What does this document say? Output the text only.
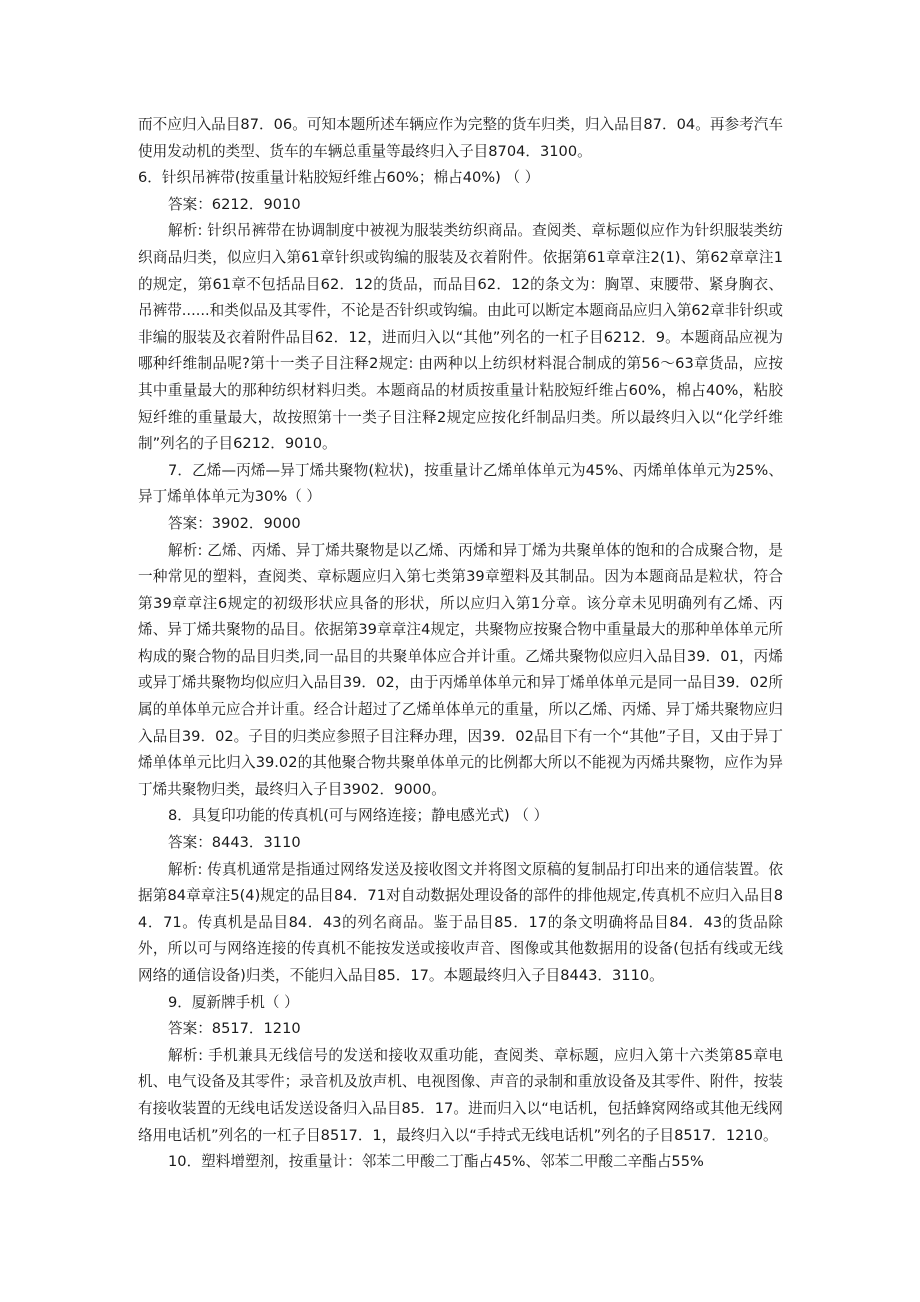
而不应归入品目87．06。可知本题所述车辆应作为完整的货车归类，归入品目87．04。再参考汽车使用发动机的类型、货车的车辆总重量等最终归入子目8704．3100。

6．针织吊裤带(按重量计粘胶短纤维占60%；棉占40%) （ ）

答案：6212．9010

解析: 针织吊裤带在协调制度中被视为服装类纺织商品。查阅类、章标题似应作为针织服装类纺织商品归类，似应归入第61章针织或钩编的服装及衣着附件。依据第61章章注2(1)、第62章章注1的规定，第61章不包括品目62．12的货品，而品目62．12的条文为：胸罩、束腰带、紧身胸衣、吊裤带......和类似品及其零件，不论是否针织或钩编。由此可以断定本题商品应归入第62章非针织或非编的服装及衣着附件品目62．12，进而归入以“其他”列名的一杠子目6212．9。本题商品应视为哪种纤维制品呢?第十一类子目注释2规定: 由两种以上纺织材料混合制成的第56～63章货品，应按其中重量最大的那种纺织材料归类。本题商品的材质按重量计粘胶短纤维占60%，棉占40%，粘胶短纤维的重量最大，故按照第十一类子目注释2规定应按化纤制品归类。所以最终归入以“化学纤维制”列名的子目6212．9010。

7．乙烯—丙烯—异丁烯共聚物(粒状)，按重量计乙烯单体单元为45%、丙烯单体单元为25%、异丁烯单体单元为30%（ ）

答案：3902．9000

解析: 乙烯、丙烯、异丁烯共聚物是以乙烯、丙烯和异丁烯为共聚单体的饱和的合成聚合物，是一种常见的塑料，查阅类、章标题应归入第七类第39章塑料及其制品。因为本题商品是粒状，符合第39章章注6规定的初级形状应具备的形状，所以应归入第1分章。该分章未见明确列有乙烯、丙烯、异丁烯共聚物的品目。依据第39章章注4规定，共聚物应按聚合物中重量最大的那种单体单元所构成的聚合物的品目归类,同一品目的共聚单体应合并计重。乙烯共聚物似应归入品目39．01，丙烯或异丁烯共聚物均似应归入品目39．02，由于丙烯单体单元和异丁烯单体单元是同一品目39．02所属的单体单元应合并计重。经合计超过了乙烯单体单元的重量，所以乙烯、丙烯、异丁烯共聚物应归入品目39．02。子目的归类应参照子目注释办理，因39．02品目下有一个“其他”子目，又由于异丁烯单体单元比归入39.02的其他聚合物共聚单体单元的比例都大所以不能视为丙烯共聚物，应作为异丁烯共聚物归类，最终归入子目3902．9000。

8．具复印功能的传真机(可与网络连接；静电感光式) （ ）

答案：8443．3110

解析: 传真机通常是指通过网络发送及接收图文并将图文原稿的复制品打印出来的通信装置。依据第84章章注5(4)规定的品目84．71对自动数据处理设备的部件的排他规定,传真机不应归入品目84．71。传真机是品目84．43的列名商品。鉴于品目85．17的条文明确将品目84．43的货品除外，所以可与网络连接的传真机不能按发送或接收声音、图像或其他数据用的设备(包括有线或无线网络的通信设备)归类，不能归入品目85．17。本题最终归入子目8443．3110。

9．厦新牌手机（ ）

答案：8517．1210

解析: 手机兼具无线信号的发送和接收双重功能，查阅类、章标题，应归入第十六类第85章电机、电气设备及其零件；录音机及放声机、电视图像、声音的录制和重放设备及其零件、附件，按装有接收装置的无线电话发送设备归入品目85．17。进而归入以“电话机，包括蜂窝网络或其他无线网络用电话机”列名的一杠子目8517．1，最终归入以“手持式无线电话机”列名的子目8517．1210。

10．塑料增塑剂，按重量计：邻苯二甲酸二丁酯占45%、邻苯二甲酸二辛酯占55%
